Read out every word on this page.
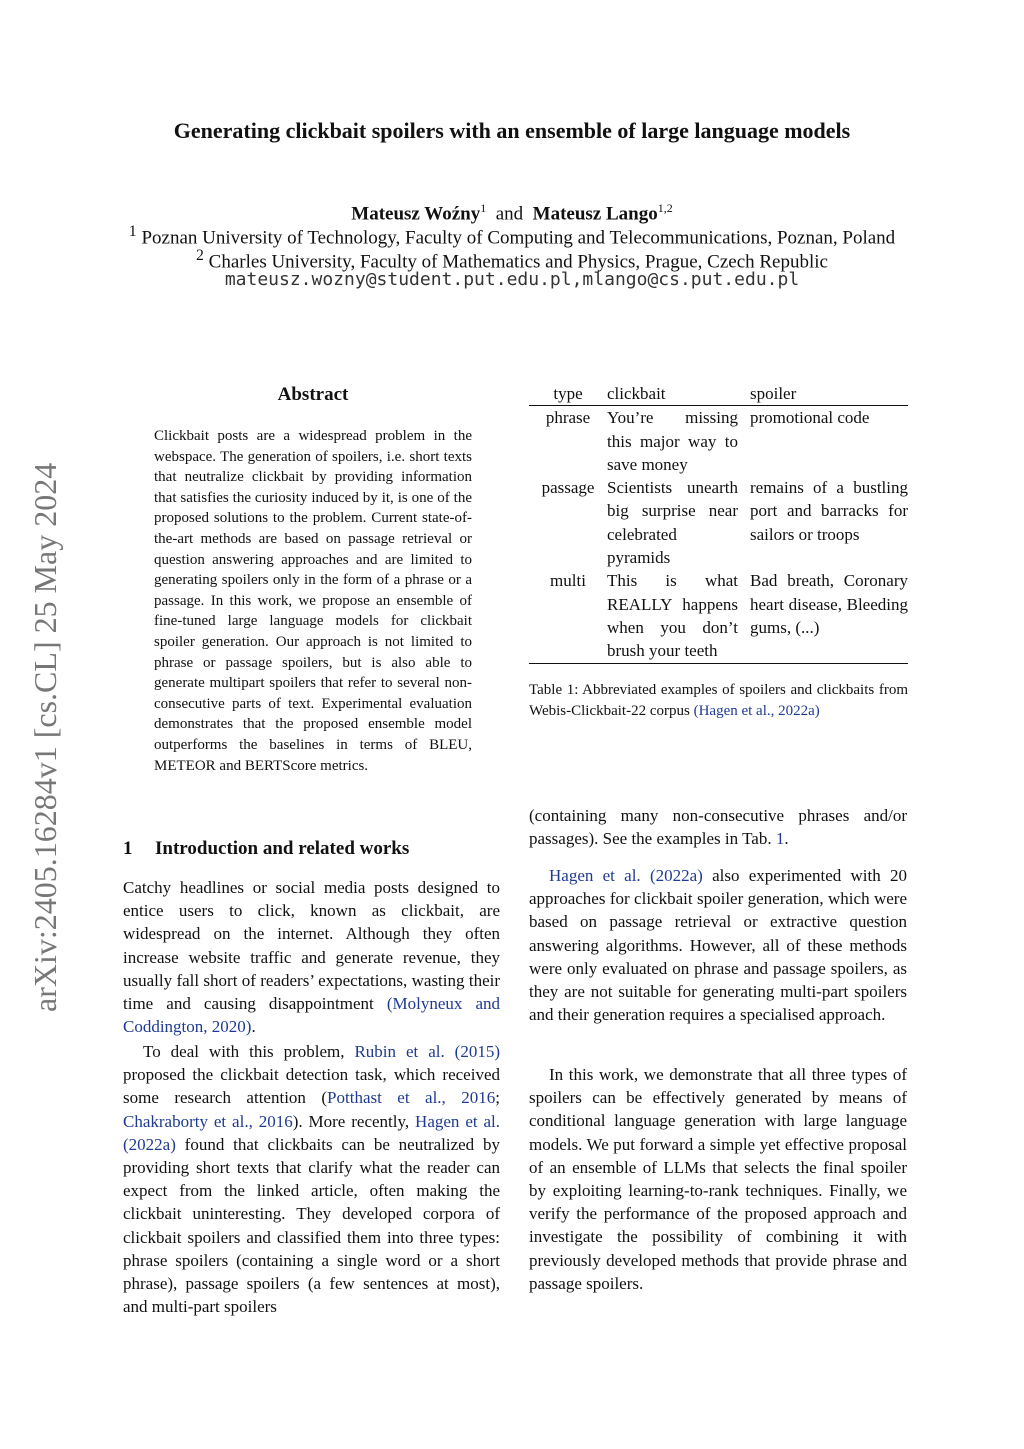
Generating clickbait spoilers with an ensemble of large language models
Mateusz Woźny$^1$ and Mateusz Lango$^{1,2}$
$^1$ Poznan University of Technology, Faculty of Computing and Telecommunications, Poznan, Poland
$^2$ Charles University, Faculty of Mathematics and Physics, Prague, Czech Republic
mateusz.wozny@student.put.edu.pl,mlango@cs.put.edu.pl
arXiv:2405.16284v1 [cs.CL] 25 May 2024
Abstract

Clickbait posts are a widespread problem in the webspace. The generation of spoilers, i.e. short texts that neutralize clickbait by providing information that satisfies the curiosity induced by it, is one of the proposed solutions to the problem. Current state-of-the-art methods are based on passage retrieval or question answering approaches and are limited to generating spoilers only in the form of a phrase or a passage. In this work, we propose an ensemble of fine-tuned large language models for clickbait spoiler generation. Our approach is not limited to phrase or passage spoilers, but is also able to generate multipart spoilers that refer to several non-consecutive parts of text. Experimental evaluation demonstrates that the proposed ensemble model outperforms the baselines in terms of BLEU, METEOR and BERTScore metrics.

1 Introduction and related works

Catchy headlines or social media posts designed to entice users to click, known as clickbait, are widespread on the internet. Although they often increase website traffic and generate revenue, they usually fall short of readers’ expectations, wasting their time and causing disappointment (Molyneux and Coddington, 2020).

To deal with this problem, Rubin et al. (2015) proposed the clickbait detection task, which received some research attention (Potthast et al., 2016; Chakraborty et al., 2016). More recently, Hagen et al. (2022a) found that clickbaits can be neutralized by providing short texts that clarify what the reader can expect from the linked article, often making the clickbait uninteresting. They developed corpora of clickbait spoilers and classified them into three types: phrase spoilers (containing a single word or a short phrase), passage spoilers (a few sentences at most), and multi-part spoilers

type	clickbait	spoiler
phrase	You’re missing this major way to save money	promotional code
passage	Scientists unearth big surprise near celebrated pyramids	remains of a bustling port and barracks for sailors or troops
multi	This is what REALLY happens when you don’t brush your teeth	Bad breath, Coronary heart disease, Bleeding gums, (...)

Table 1: Abbreviated examples of spoilers and clickbaits from Webis-Clickbait-22 corpus (Hagen et al., 2022a)

(containing many non-consecutive phrases and/or passages). See the examples in Tab. 1.

Hagen et al. (2022a) also experimented with 20 approaches for clickbait spoiler generation, which were based on passage retrieval or extractive question answering algorithms. However, all of these methods were only evaluated on phrase and passage spoilers, as they are not suitable for generating multi-part spoilers and their generation requires a specialised approach.

In this work, we demonstrate that all three types of spoilers can be effectively generated by means of conditional language generation with large language models. We put forward a simple yet effective proposal of an ensemble of LLMs that selects the final spoiler by exploiting learning-to-rank techniques. Finally, we verify the performance of the proposed approach and investigate the possibility of combining it with previously developed methods that provide phrase and passage spoilers.
